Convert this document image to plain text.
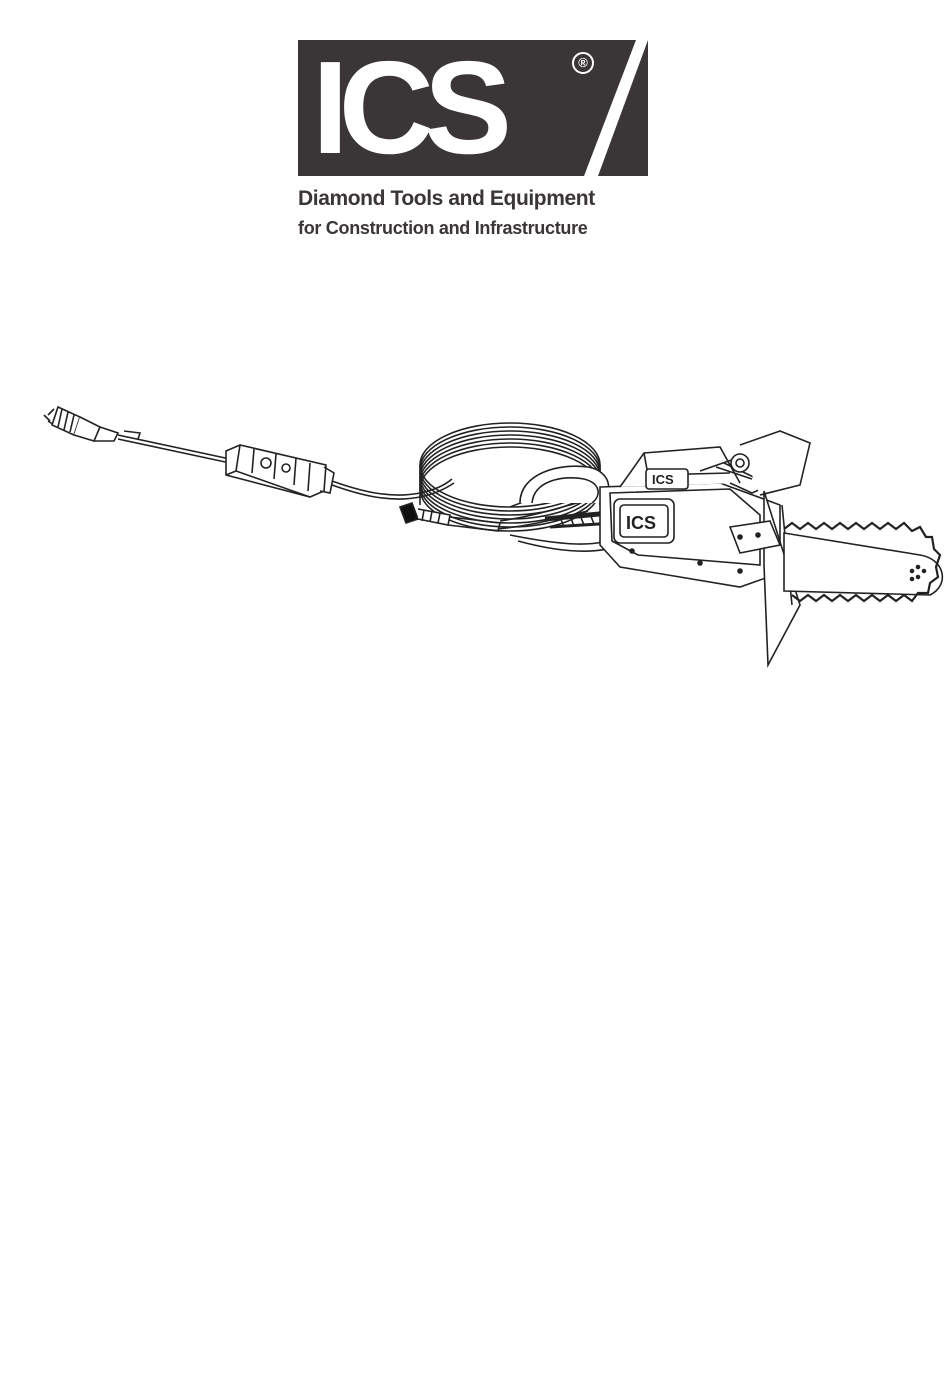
ICS	®
Diamond Tools and Equipment
for Construction and Infrastructure
ICS
ICS
